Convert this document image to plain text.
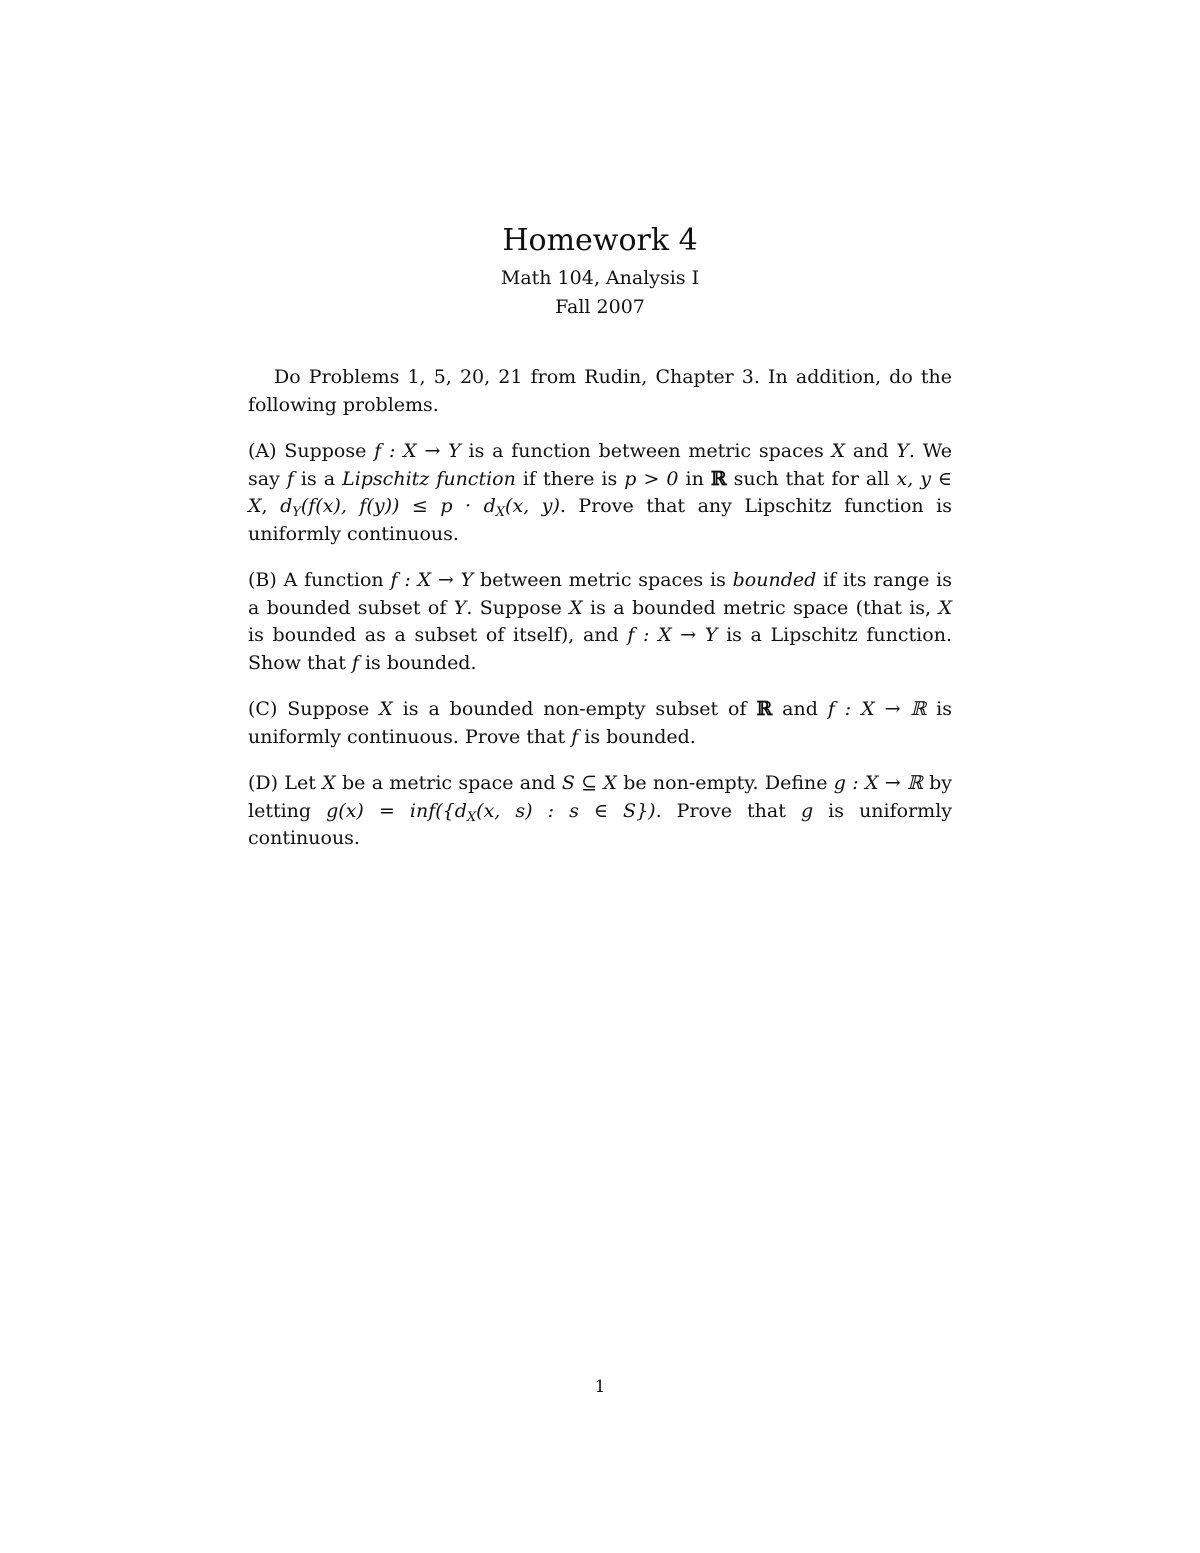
Homework 4

Math 104, Analysis I

Fall 2007

Do Problems 1, 5, 20, 21 from Rudin, Chapter 3. In addition, do the following problems.

(A) Suppose f : X → Y is a function between metric spaces X and Y. We say f is a Lipschitz function if there is p > 0 in ℝ such that for all x, y ∈ X, $d_Y(f(x)$, $f(y)) \le p \cdot d_X(x$, y). Prove that any Lipschitz function is uniformly continuous.

(B) A function f : X → Y between metric spaces is bounded if its range is a bounded subset of Y. Suppose X is a bounded metric space (that is, X is bounded as a subset of itself), and f : X → Y is a Lipschitz function. Show that f is bounded.

(C) Suppose X is a bounded non-empty subset of ℝ and f : X → ℝ is uniformly continuous. Prove that f is bounded.

(D) Let X be a metric space and S ⊆ X be non-empty. Define g : X → ℝ by letting $g(x) = inf(\{d_X(x$, s) : s ∈ S}). Prove that g is uniformly continuous.

1
